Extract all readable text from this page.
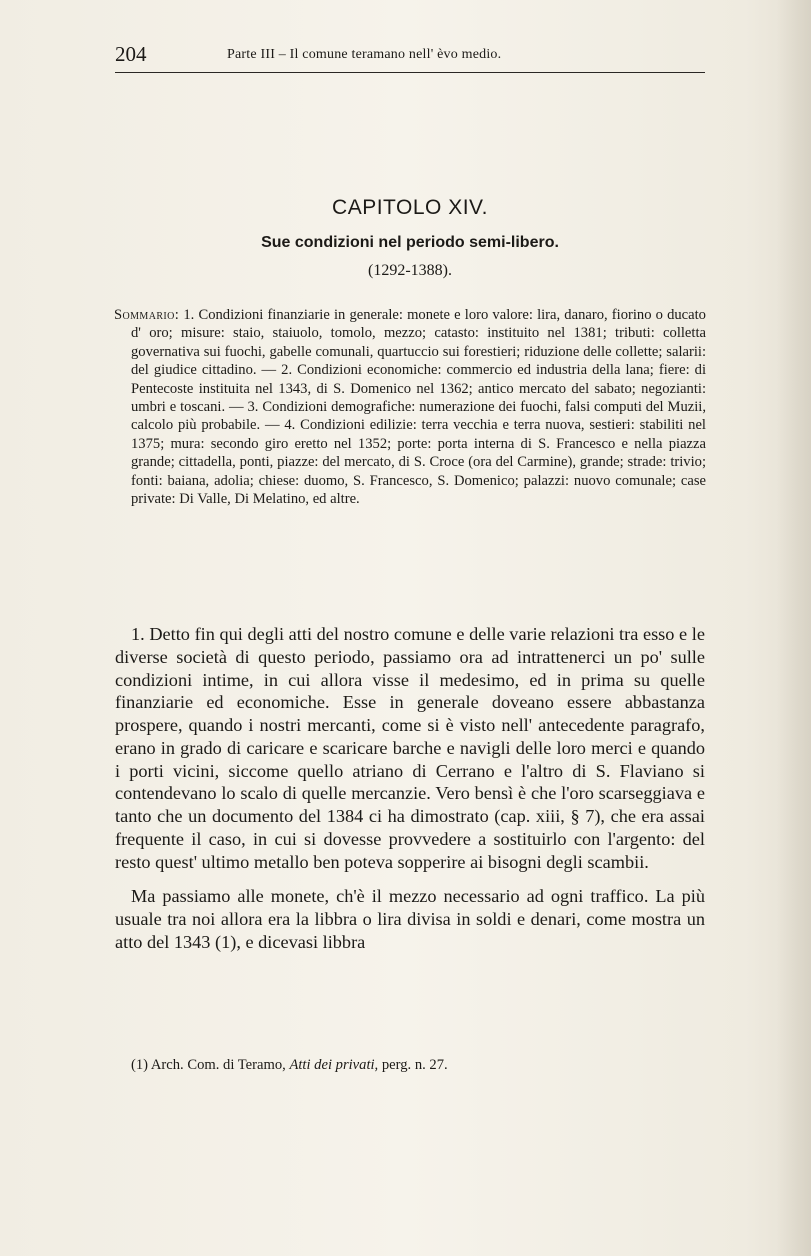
204	Parte III – Il comune teramano nell' èvo medio.
CAPITOLO XIV.
Sue condizioni nel periodo semi-libero.
(1292-1388).
Sommario: 1. Condizioni finanziarie in generale: monete e loro valore: lira, danaro, fiorino o ducato d' oro; misure: staio, staiuolo, tomolo, mezzo; catasto: instituito nel 1381; tributi: colletta governativa sui fuochi, gabelle comunali, quartuccio sui forestieri; riduzione delle collette; salarii: del giudice cittadino. — 2. Condizioni economiche: commercio ed industria della lana; fiere: di Pentecoste instituita nel 1343, di S. Domenico nel 1362; antico mercato del sabato; negozianti: umbri e toscani. — 3. Condizioni demografiche: numerazione dei fuochi, falsi computi del Muzii, calcolo più probabile. — 4. Condizioni edilizie: terra vecchia e terra nuova, sestieri: stabiliti nel 1375; mura: secondo giro eretto nel 1352; porte: porta interna di S. Francesco e nella piazza grande; cittadella, ponti, piazze: del mercato, di S. Croce (ora del Carmine), grande; strade: trivio; fonti: baiana, adolia; chiese: duomo, S. Francesco, S. Domenico; palazzi: nuovo comunale; case private: Di Valle, Di Melatino, ed altre.

1. Detto fin qui degli atti del nostro comune e delle varie relazioni tra esso e le diverse società di questo periodo, passiamo ora ad intrattenerci un po' sulle condizioni intime, in cui allora visse il medesimo, ed in prima su quelle finanziarie ed economiche. Esse in generale doveano essere abbastanza prospere, quando i nostri mercanti, come si è visto nell' antecedente paragrafo, erano in grado di caricare e scaricare barche e navigli delle loro merci e quando i porti vicini, siccome quello atriano di Cerrano e l'altro di S. Flaviano si contendevano lo scalo di quelle mercanzie. Vero bensì è che l'oro scarseggiava e tanto che un documento del 1384 ci ha dimostrato (cap. xiii, § 7), che era assai frequente il caso, in cui si dovesse provvedere a sostituirlo con l'argento: del resto quest' ultimo metallo ben poteva sopperire ai bisogni degli scambii.

Ma passiamo alle monete, ch'è il mezzo necessario ad ogni traffico. La più usuale tra noi allora era la libbra o lira divisa in soldi e denari, come mostra un atto del 1343 (1), e dicevasi libbra

(1) Arch. Com. di Teramo, Atti dei privati, perg. n. 27.
